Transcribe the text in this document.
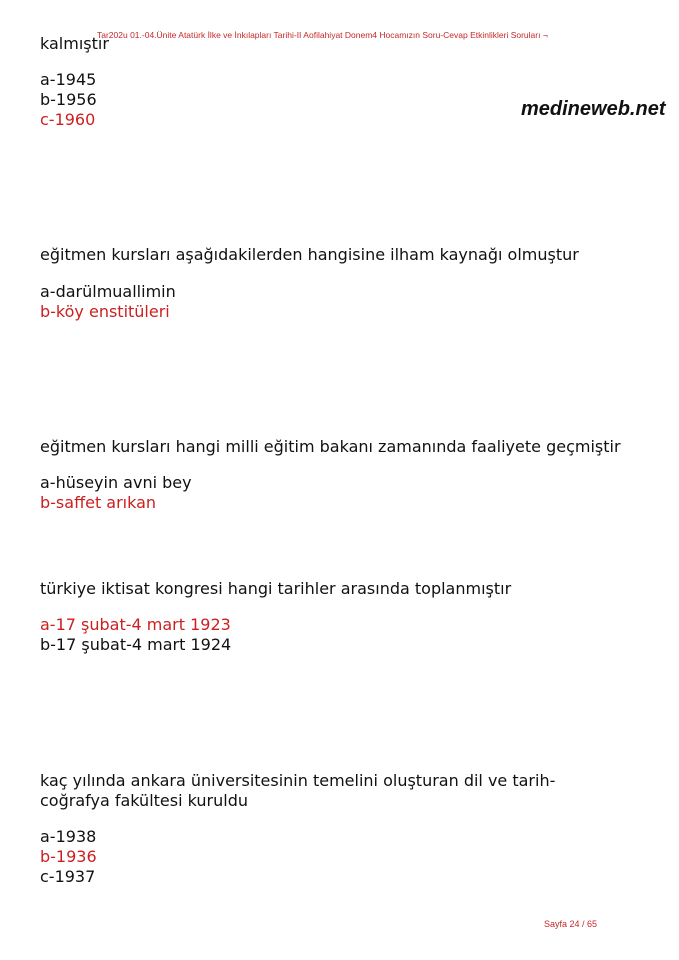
Tar202u 01.-04.Ünite Atatürk İlke ve İnkılapları Tarihi-II Aofilahiyat Donem4 Hocamızın Soru-Cevap Etkinlikleri Soruları ¬
medineweb.net
kalmıştır
a-1945
b-1956
c-1960
eğitmen kursları aşağıdakilerden hangisine ilham kaynağı olmuştur
a-darülmuallimin
b-köy enstitüleri
eğitmen kursları hangi milli eğitim bakanı zamanında faaliyete geçmiştir
a-hüseyin avni bey
b-saffet arıkan
türkiye iktisat kongresi hangi tarihler arasında toplanmıştır
a-17 şubat-4 mart 1923
b-17 şubat-4 mart 1924
kaç yılında ankara üniversitesinin temelini oluşturan dil ve tarih-
coğrafya fakültesi kuruldu
a-1938
b-1936
c-1937
Sayfa 24 / 65
